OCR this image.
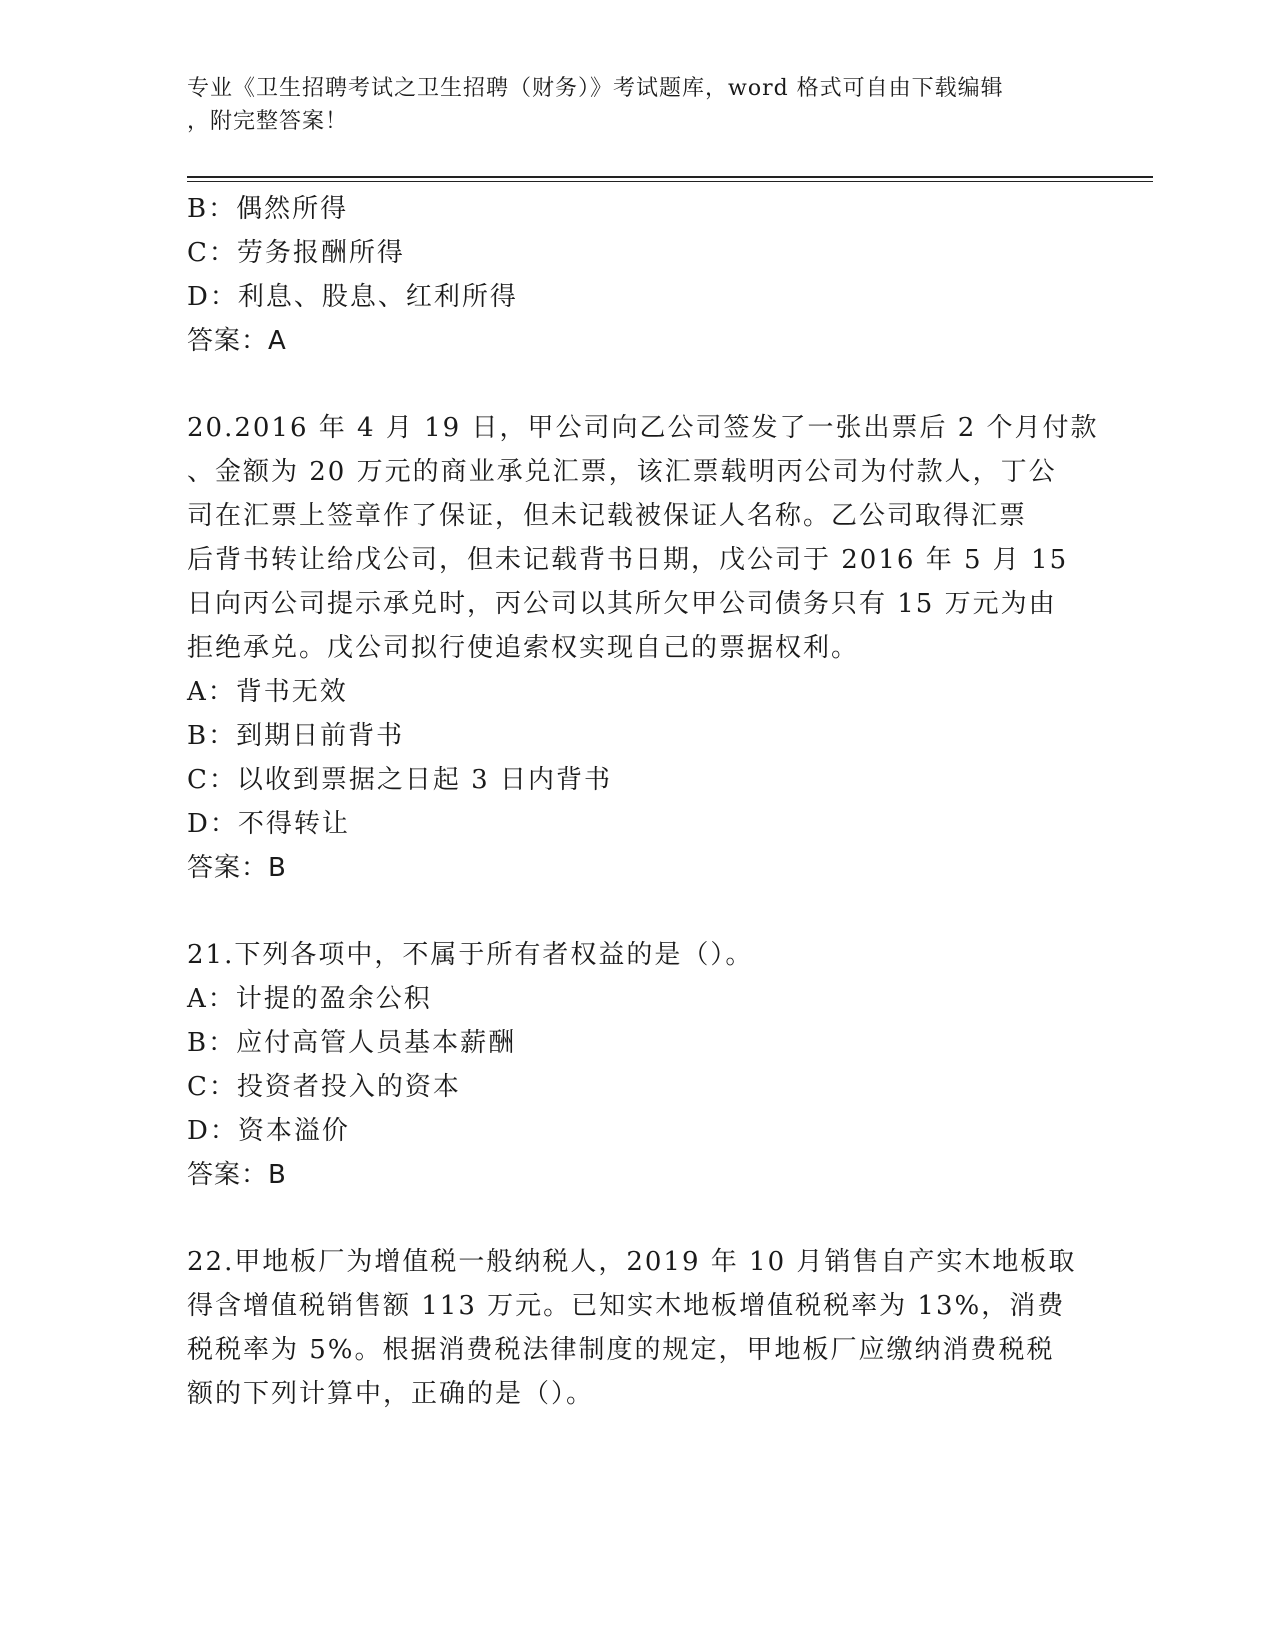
专业《卫生招聘考试之卫生招聘（财务）》考试题库，word 格式可自由下载编辑
，附完整答案！
B：偶然所得
C：劳务报酬所得
D：利息、股息、红利所得
答案：A
20.2016 年 4 月 19 日，甲公司向乙公司签发了一张出票后 2 个月付款
、金额为 20 万元的商业承兑汇票，该汇票载明丙公司为付款人，丁公
司在汇票上签章作了保证，但未记载被保证人名称。乙公司取得汇票
后背书转让给戊公司，但未记载背书日期，戊公司于 2016 年 5 月 15
日向丙公司提示承兑时，丙公司以其所欠甲公司债务只有 15 万元为由
拒绝承兑。戊公司拟行使追索权实现自己的票据权利。
A：背书无效
B：到期日前背书
C：以收到票据之日起 3 日内背书
D：不得转让
答案：B
21.下列各项中，不属于所有者权益的是（）。
A：计提的盈余公积
B：应付高管人员基本薪酬
C：投资者投入的资本
D：资本溢价
答案：B
22.甲地板厂为增值税一般纳税人，2019 年 10 月销售自产实木地板取
得含增值税销售额 113 万元。已知实木地板增值税税率为 13%，消费
税税率为 5%。根据消费税法律制度的规定，甲地板厂应缴纳消费税税
额的下列计算中，正确的是（）。
